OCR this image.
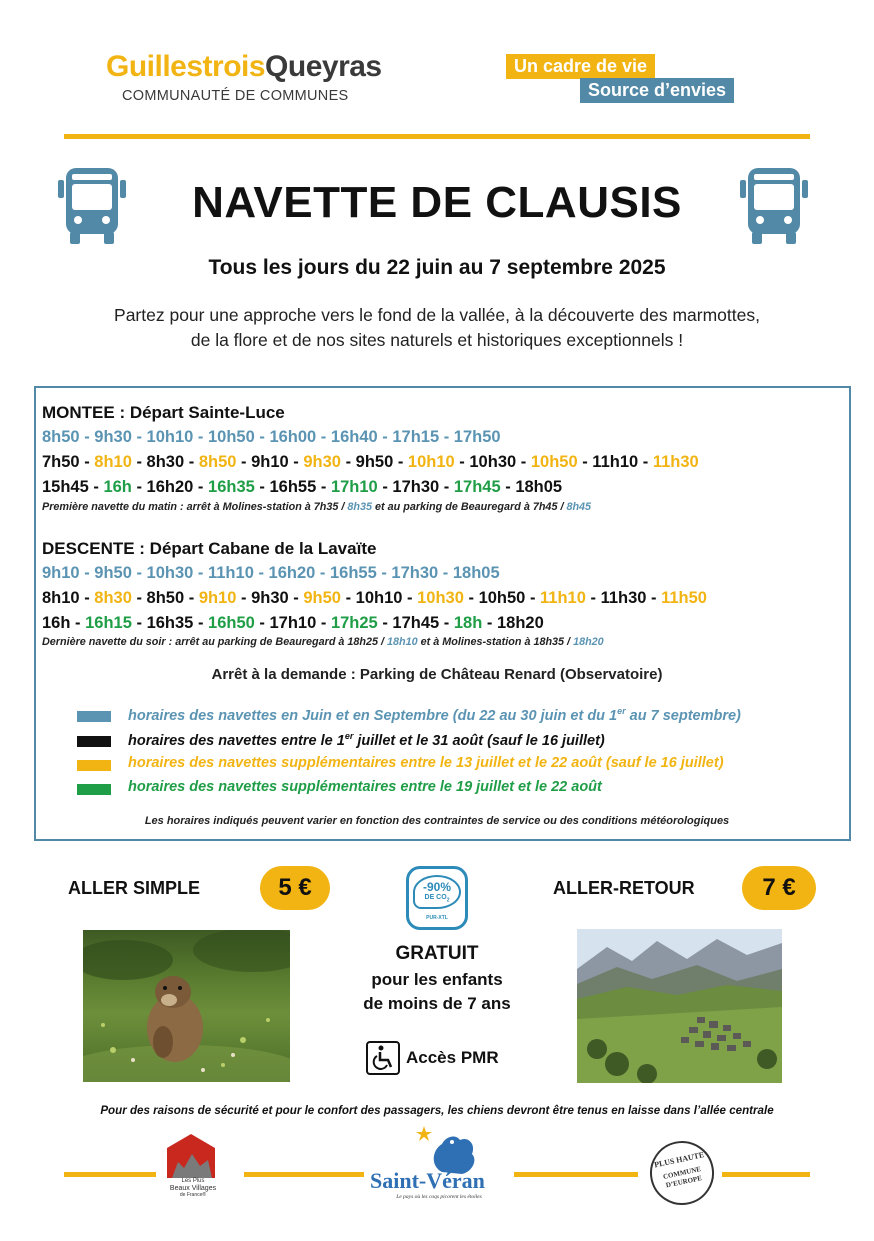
GuillestroisQueyras
COMMUNAUTÉ DE COMMUNES
Un cadre de vie
Source d’envies
NAVETTE DE CLAUSIS
Tous les jours du 22 juin au 7 septembre 2025
Partez pour une approche vers le fond de la vallée, à la découverte des marmottes,
de la flore et de nos sites naturels et historiques exceptionnels !
MONTEE : Départ Sainte-Luce
8h50 - 9h30 - 10h10 - 10h50 - 16h00 - 16h40 - 17h15 - 17h50
7h50 - 8h10 - 8h30 - 8h50 - 9h10 - 9h30 - 9h50 - 10h10 - 10h30 - 10h50 - 11h10 - 11h30
15h45 - 16h - 16h20 - 16h35 - 16h55 - 17h10 - 17h30 - 17h45 - 18h05
Première navette du matin : arrêt à Molines-station à 7h35 / 8h35 et au parking de Beauregard à 7h45 / 8h45
DESCENTE : Départ Cabane de la Lavaïte
9h10 - 9h50 - 10h30 - 11h10 - 16h20 - 16h55 - 17h30 - 18h05
8h10 - 8h30 - 8h50 - 9h10 - 9h30 - 9h50 - 10h10 - 10h30 - 10h50 - 11h10 - 11h30 - 11h50
16h - 16h15 - 16h35 - 16h50 - 17h10 - 17h25 - 17h45 - 18h - 18h20
Dernière navette du soir : arrêt au parking de Beauregard à 18h25 / 18h10 et à Molines-station à 18h35 / 18h20
Arrêt à la demande : Parking de Château Renard (Observatoire)
horaires des navettes en Juin et en Septembre (du 22 au 30 juin et du 1er au 7 septembre)
horaires des navettes entre le 1er juillet et le 31 août (sauf le 16 juillet)
horaires des navettes supplémentaires entre le 13 juillet et le 22 août (sauf le 16 juillet)
horaires des navettes supplémentaires entre le 19 juillet et le 22 août
Les horaires indiqués peuvent varier en fonction des contraintes de service ou des conditions météorologiques
ALLER SIMPLE	5 €	ALLER-RETOUR	7 €
-90%
DE $CO_2$
PUR-XTL
GRATUIT
pour les enfants
de moins de 7 ans
Accès PMR
Pour des raisons de sécurité et pour le confort des passagers, les chiens devront être tenus en laisse dans l’allée centrale
Les Plus
Beaux Villages
de France®
Saint-Véran
Le pays où les coqs picorent les étoiles
PLUS HAUTE
COMMUNE D’EUROPE
